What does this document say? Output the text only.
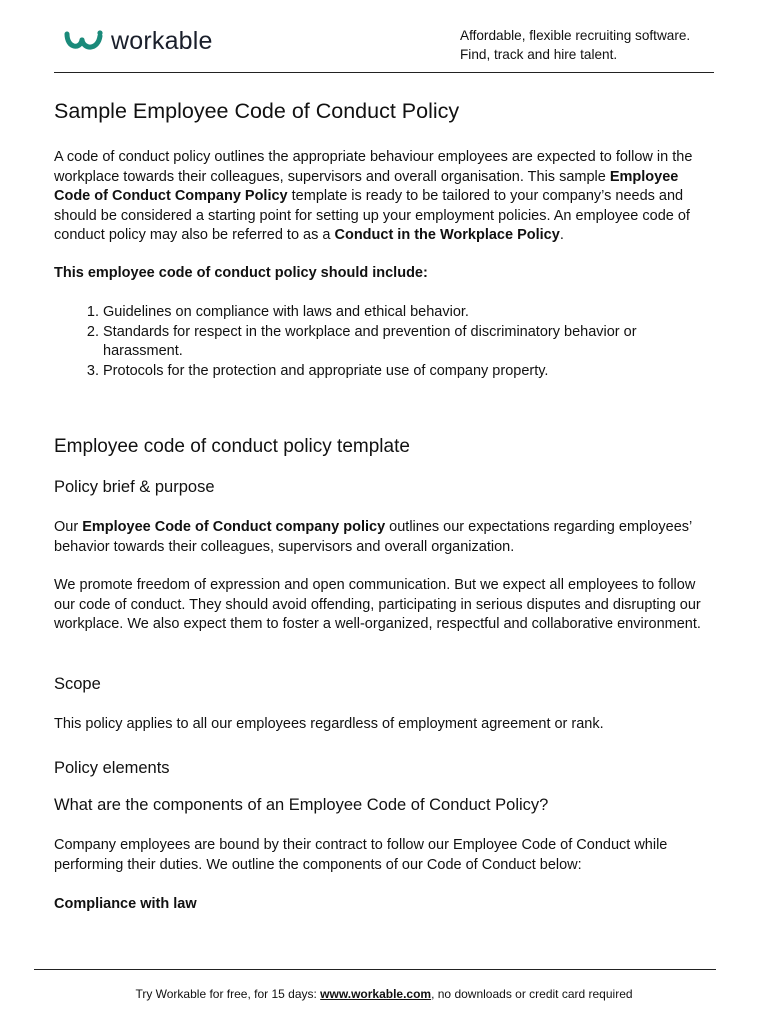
workable	Affordable, flexible recruiting software.
Find, track and hire talent.
Sample Employee Code of Conduct Policy

A code of conduct policy outlines the appropriate behaviour employees are expected to follow in the workplace towards their colleagues, supervisors and overall organisation. This sample Employee Code of Conduct Company Policy template is ready to be tailored to your company’s needs and should be considered a starting point for setting up your employment policies. An employee code of conduct policy may also be referred to as a Conduct in the Workplace Policy.

This employee code of conduct policy should include:

1. Guidelines on compliance with laws and ethical behavior.
2. Standards for respect in the workplace and prevention of discriminatory behavior or harassment.
3. Protocols for the protection and appropriate use of company property.
Employee code of conduct policy template
Policy brief & purpose

Our Employee Code of Conduct company policy outlines our expectations regarding employees’ behavior towards their colleagues, supervisors and overall organization.

We promote freedom of expression and open communication. But we expect all employees to follow our code of conduct. They should avoid offending, participating in serious disputes and disrupting our workplace. We also expect them to foster a well-organized, respectful and collaborative environment.

Scope

This policy applies to all our employees regardless of employment agreement or rank.

Policy elements
What are the components of an Employee Code of Conduct Policy?

Company employees are bound by their contract to follow our Employee Code of Conduct while performing their duties. We outline the components of our Code of Conduct below:

Compliance with law

Try Workable for free, for 15 days: www.workable.com, no downloads or credit card required
